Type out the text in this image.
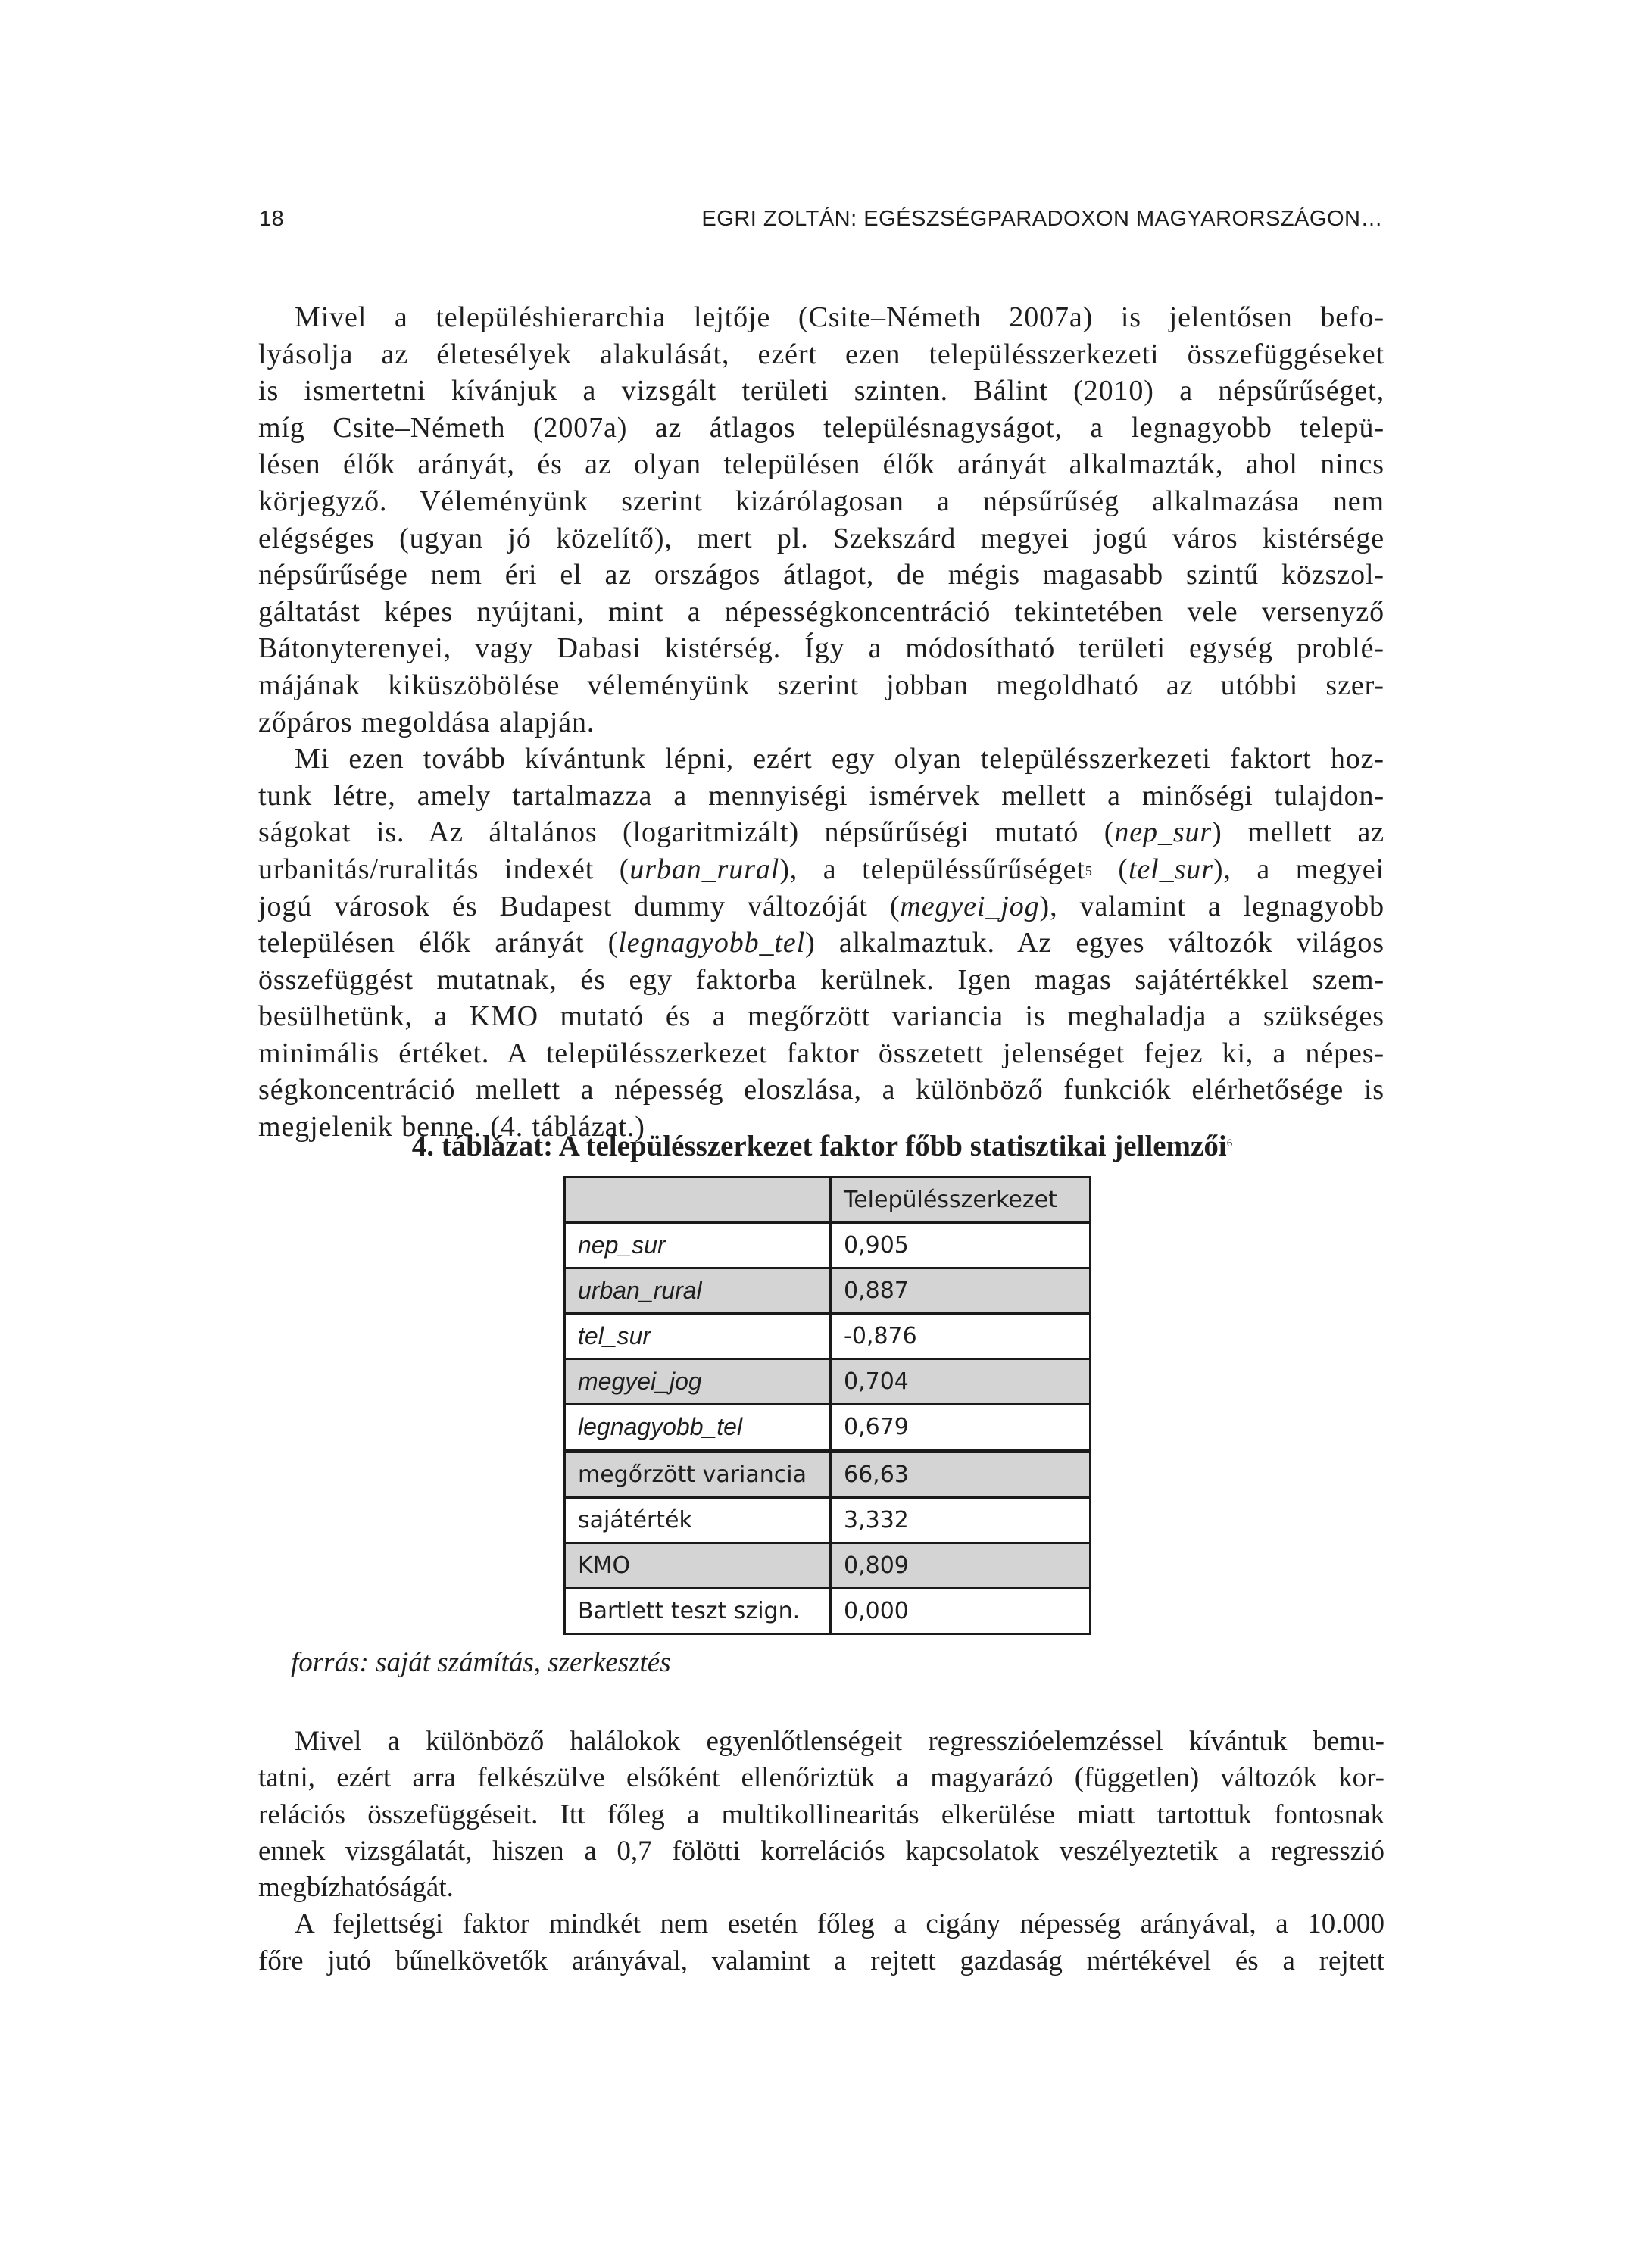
18	EGRI ZOLTÁN: EGÉSZSÉGPARADOXON MAGYARORSZÁGON…
Mivel a településhierarchia lejtője (Csite–Németh 2007a) is jelentősen befo-
lyásolja az életesélyek alakulását, ezért ezen településszerkezeti összefüggéseket
is ismertetni kívánjuk a vizsgált területi szinten. Bálint (2010) a népsűrűséget,
míg Csite–Németh (2007a) az átlagos településnagyságot, a legnagyobb telepü-
lésen élők arányát, és az olyan településen élők arányát alkalmazták, ahol nincs
körjegyző. Véleményünk szerint kizárólagosan a népsűrűség alkalmazása nem
elégséges (ugyan jó közelítő), mert pl. Szekszárd megyei jogú város kistérsége
népsűrűsége nem éri el az országos átlagot, de mégis magasabb szintű közszol-
gáltatást képes nyújtani, mint a népességkoncentráció tekintetében vele versenyző
Bátonyterenyei, vagy Dabasi kistérség. Így a módosítható területi egység problé-
májának kiküszöbölése véleményünk szerint jobban megoldható az utóbbi szer-
zőpáros megoldása alapján.
Mi ezen tovább kívántunk lépni, ezért egy olyan településszerkezeti faktort hoz-
tunk létre, amely tartalmazza a mennyiségi ismérvek mellett a minőségi tulajdon-
ságokat is. Az általános (logaritmizált) népsűrűségi mutató (nep_sur) mellett az
urbanitás/ruralitás indexét (urban_rural), a településsűrűséget$^5$ (tel_sur), a megyei
jogú városok és Budapest dummy változóját (megyei_jog), valamint a legnagyobb
településen élők arányát (legnagyobb_tel) alkalmaztuk. Az egyes változók világos
összefüggést mutatnak, és egy faktorba kerülnek. Igen magas sajátértékkel szem-
besülhetünk, a KMO mutató és a megőrzött variancia is meghaladja a szükséges
minimális értéket. A településszerkezet faktor összetett jelenséget fejez ki, a népes-
ségkoncentráció mellett a népesség eloszlása, a különböző funkciók elérhetősége is
megjelenik benne. (4. táblázat.)
4. táblázat: A településszerkezet faktor főbb statisztikai jellemzői$^6$
	Településszerkezet
nep_sur	0,905
urban_rural	0,887
tel_sur	-0,876
megyei_jog	0,704
legnagyobb_tel	0,679
megőrzött variancia	66,63
sajátérték	3,332
KMO	0,809
Bartlett teszt szign.	0,000
forrás: saját számítás, szerkesztés
Mivel a különböző halálokok egyenlőtlenségeit regresszióelemzéssel kívántuk bemu-
tatni, ezért arra felkészülve elsőként ellenőriztük a magyarázó (független) változók kor-
relációs összefüggéseit. Itt főleg a multikollinearitás elkerülése miatt tartottuk fontosnak
ennek vizsgálatát, hiszen a 0,7 fölötti korrelációs kapcsolatok veszélyeztetik a regresszió
megbízhatóságát.
A fejlettségi faktor mindkét nem esetén főleg a cigány népesség arányával, a 10.000
főre jutó bűnelkövetők arányával, valamint a rejtett gazdaság mértékével és a rejtett
